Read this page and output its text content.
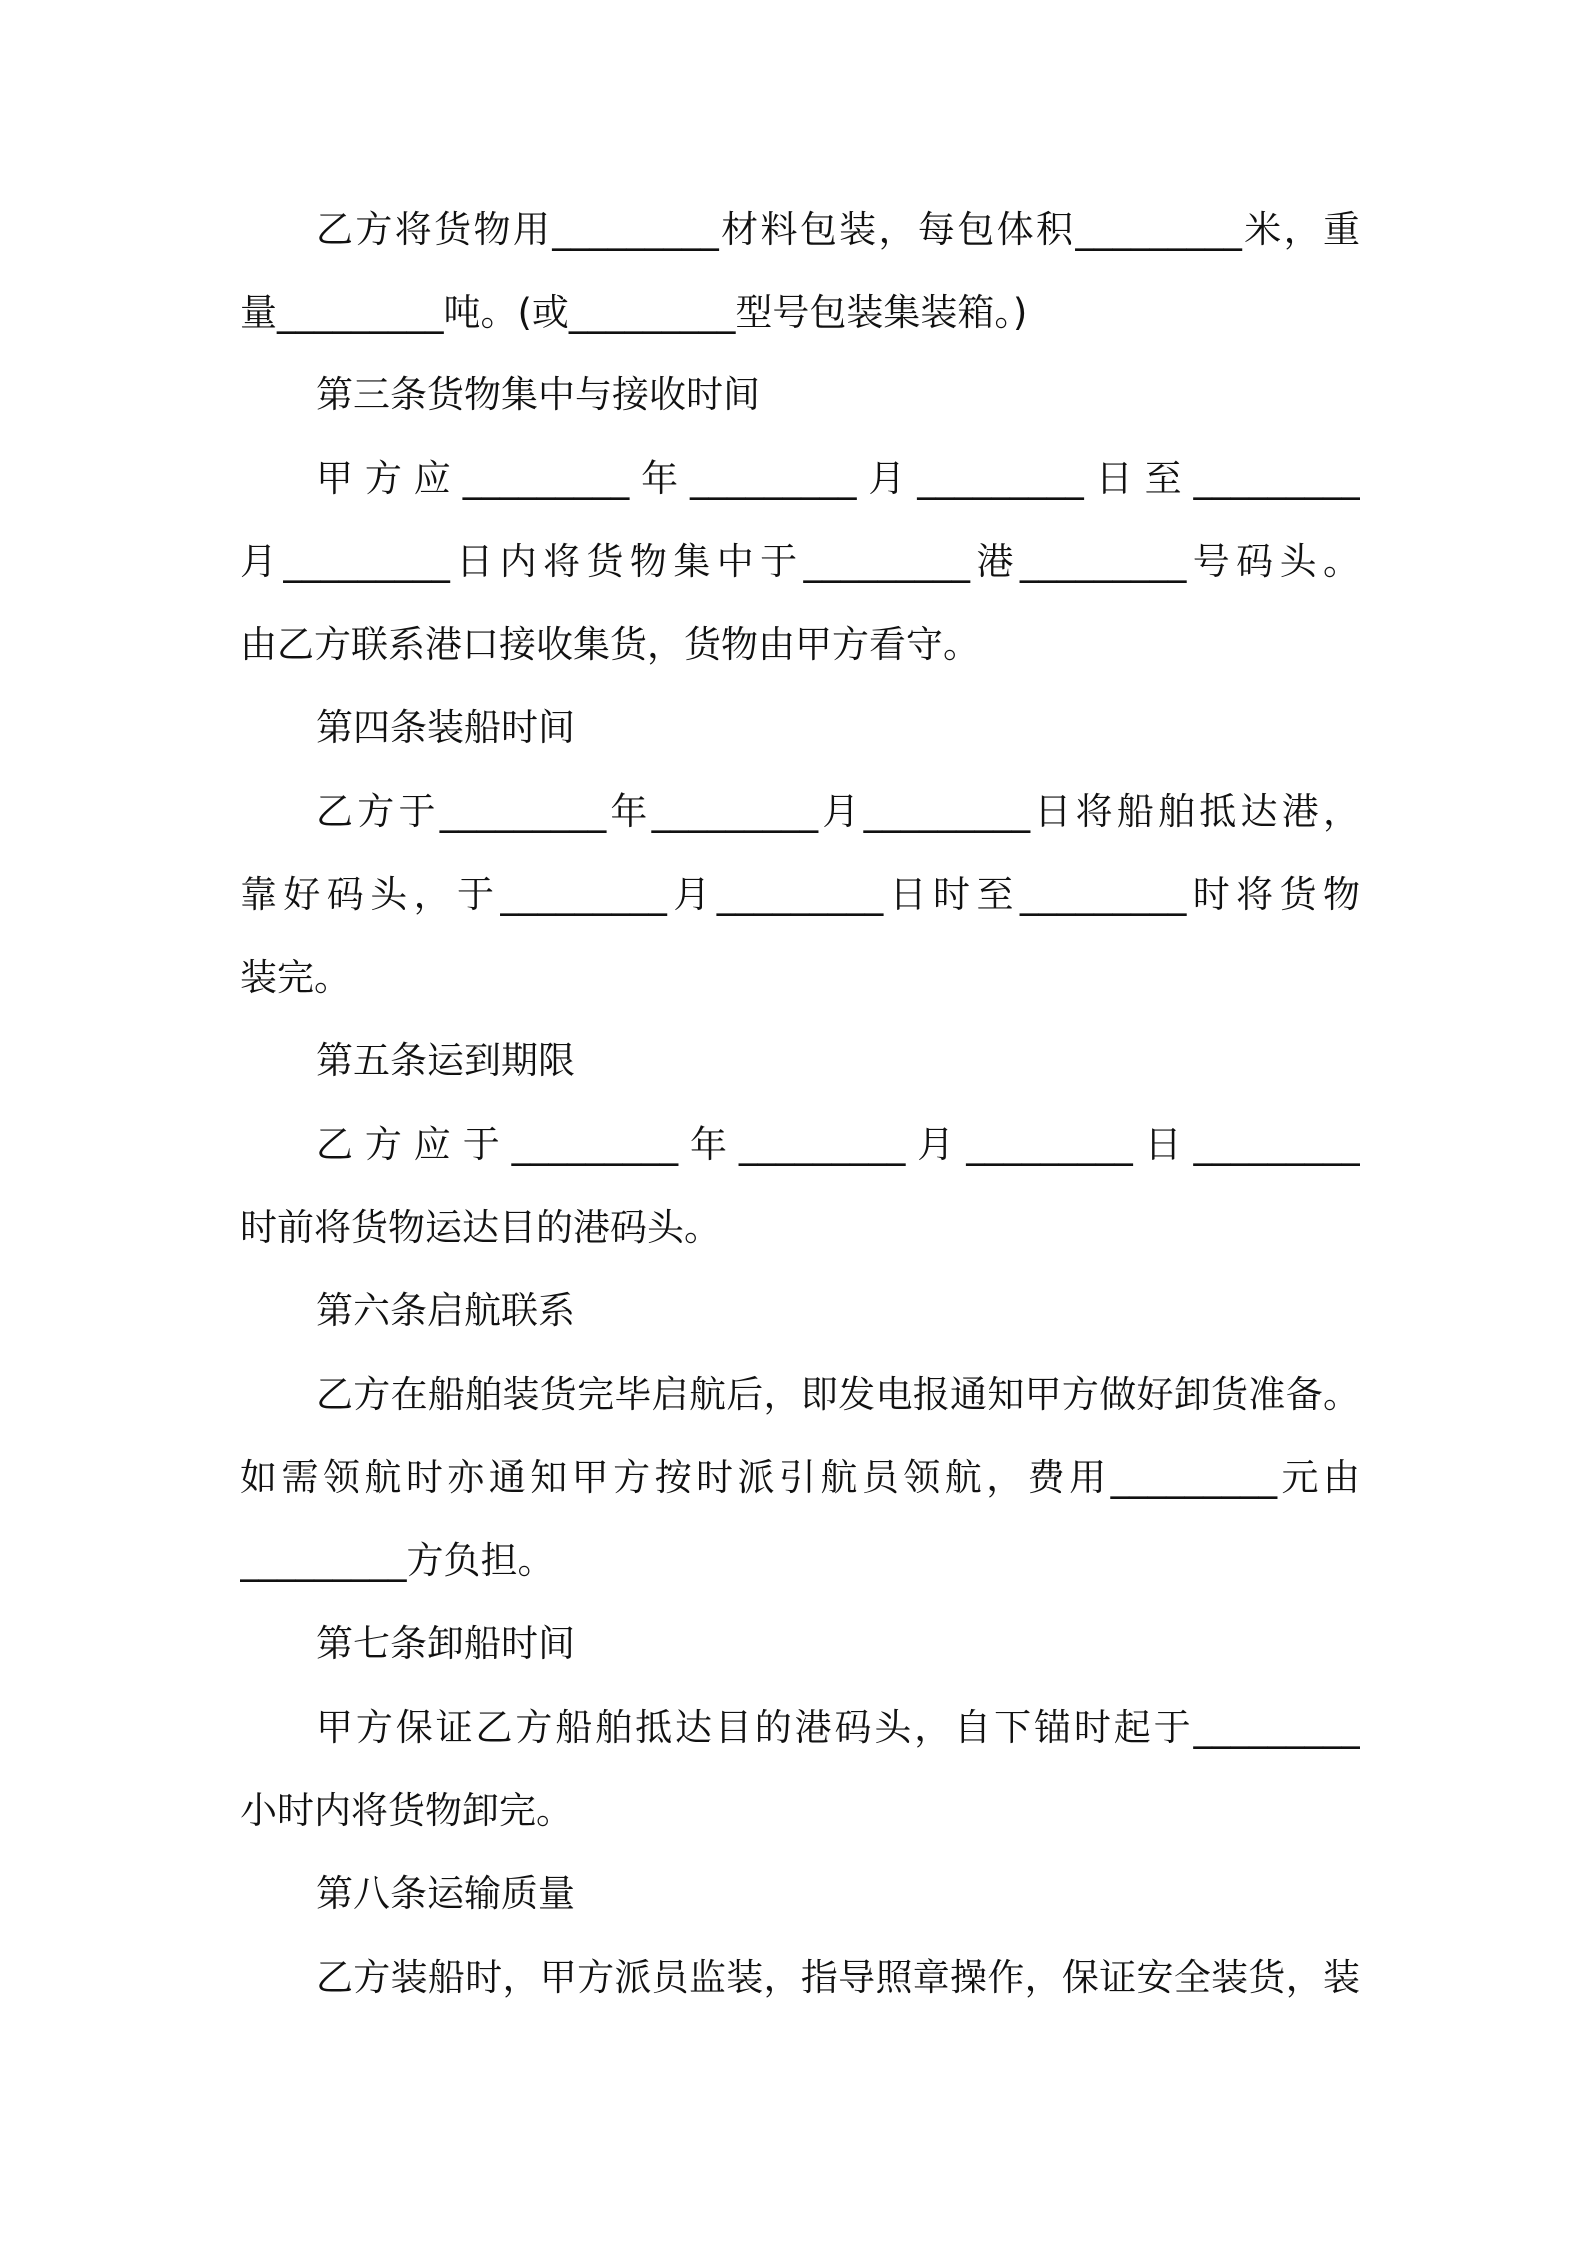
乙方将货物用_________材料包装，每包体积_________米，重
量_________吨。(或_________型号包装集装箱。)
第三条货物集中与接收时间
甲方应_________年_________月_________日至_________
月_________日内将货物集中于_________港_________号码头。
由乙方联系港口接收集货，货物由甲方看守。
第四条装船时间
乙方于_________年_________月_________日将船舶抵达港，
靠好码头，于_________月_________日时至_________时将货物
装完。
第五条运到期限
乙方应于_________年_________月_________日_________
时前将货物运达目的港码头。
第六条启航联系
乙方在船舶装货完毕启航后，即发电报通知甲方做好卸货准备。
如需领航时亦通知甲方按时派引航员领航，费用_________元由
_________方负担。
第七条卸船时间
甲方保证乙方船舶抵达目的港码头，自下锚时起于_________
小时内将货物卸完。
第八条运输质量
乙方装船时，甲方派员监装，指导照章操作，保证安全装货，装
